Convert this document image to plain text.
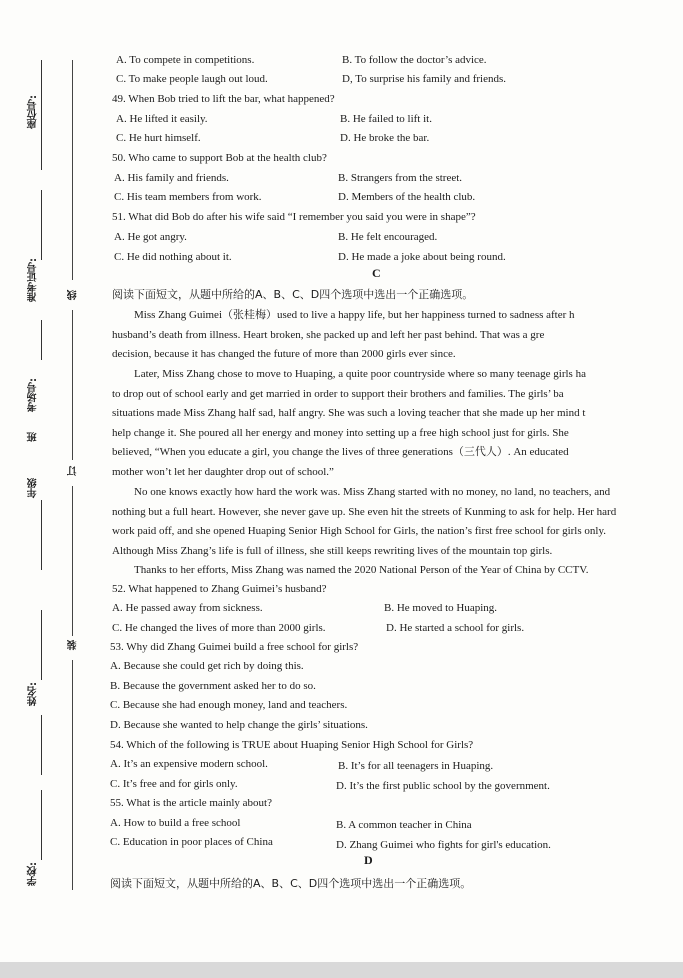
座位号:
准考证号:
考场号:
班
年级
姓名:
学校:
线
订
装
A. To compete in competitions.	B. To follow the doctor’s advice.
C. To make people laugh out loud.	D, To surprise his family and friends.
49. When Bob tried to lift the bar, what happened?
A. He lifted it easily.	B. He failed to lift it.
C. He hurt himself.	D. He broke the bar.
50. Who came to support Bob at the health club?
A. His family and friends.	B. Strangers from the street.
C. His team members from work.	D. Members of the health club.
51. What did Bob do after his wife said “I remember you said you were in shape”?
A. He got angry.	B. He felt encouraged.
C. He did nothing about it.	D. He made a joke about being round.
C
阅读下面短文，从题中所给的A、B、C、D四个选项中选出一个正确选项。

Miss Zhang Guimei（张桂梅）used to live a happy life, but her happiness turned to sadness after h

husband’s death from illness. Heart broken, she packed up and left her past behind. That was a gre

decision, because it has changed the future of more than 2000 girls ever since.

Later, Miss Zhang chose to move to Huaping, a quite poor countryside where so many teenage girls ha

to drop out of school early and get married in order to support their brothers and families. The girls’ ba

situations made Miss Zhang half sad, half angry. She was such a loving teacher that she made up her mind t

help change it. She poured all her energy and money into setting up a free high school just for girls. She

believed, “When you educate a girl, you change the lives of three generations（三代人）. An educated

mother won’t let her daughter drop out of school.”

No one knows exactly how hard the work was. Miss Zhang started with no money, no land, no teachers, and

nothing but a full heart. However, she never gave up. She even hit the streets of Kunming to ask for help. Her hard

work paid off, and she opened Huaping Senior High School for Girls, the nation’s first free school for girls only.

Although Miss Zhang’s life is full of illness, she still keeps rewriting lives of the mountain top girls.

Thanks to her efforts, Miss Zhang was named the 2020 National Person of the Year of China by CCTV.

52. What happened to Zhang Guimei’s husband?
A. He passed away from sickness.	B. He moved to Huaping.
C. He changed the lives of more than 2000 girls.	D. He started a school for girls.
53. Why did Zhang Guimei build a free school for girls?
A. Because she could get rich by doing this.
B. Because the government asked her to do so.
C. Because she had enough money, land and teachers.
D. Because she wanted to help change the girls’ situations.
54. Which of the following is TRUE about Huaping Senior High School for Girls?
A. It’s an expensive modern school.	B. It’s for all teenagers in Huaping.
C. It’s free and for girls only.	D. It’s the first public school by the government.
55. What is the article mainly about?
A. How to build a free school	B. A common teacher in China
C. Education in poor places of China	D. Zhang Guimei who fights for girl's education.
D
阅读下面短文，从题中所给的A、B、C、D四个选项中选出一个正确选项。
